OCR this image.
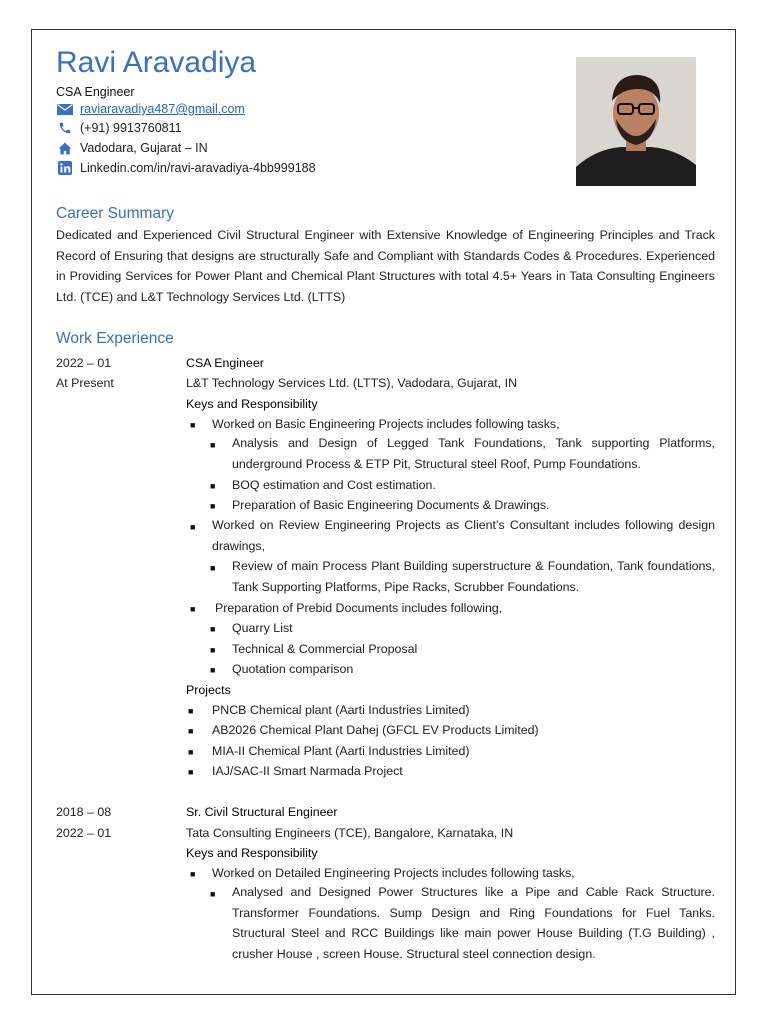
Ravi Aravadiya
CSA Engineer
raviaravadiya487@gmail.com
(+91) 9913760811
Vadodara, Gujarat – IN
Linkedin.com/in/ravi-aravadiya-4bb999188
Career Summary
Dedicated and Experienced Civil Structural Engineer with Extensive Knowledge of Engineering Principles and Track Record of Ensuring that designs are structurally Safe and Compliant with Standards Codes & Procedures. Experienced in Providing Services for Power Plant and Chemical Plant Structures with total 4.5+ Years in Tata Consulting Engineers Ltd. (TCE) and L&T Technology Services Ltd. (LTTS)
Work Experience
2022 – 01
At Present
CSA Engineer
L&T Technology Services Ltd. (LTTS), Vadodara, Gujarat, IN
Keys and Responsibility
■ Worked on Basic Engineering Projects includes following tasks,
■ Analysis and Design of Legged Tank Foundations, Tank supporting Platforms, underground Process & ETP Pit, Structural steel Roof, Pump Foundations.
■ BOQ estimation and Cost estimation.
■ Preparation of Basic Engineering Documents & Drawings.
■ Worked on Review Engineering Projects as Client’s Consultant includes following design drawings,
■ Review of main Process Plant Building superstructure & Foundation, Tank foundations, Tank Supporting Platforms, Pipe Racks, Scrubber Foundations.
■ Preparation of Prebid Documents includes following,
■ Quarry List
■ Technical & Commercial Proposal
■ Quotation comparison
Projects
■ PNCB Chemical plant (Aarti Industries Limited)
■ AB2026 Chemical Plant Dahej (GFCL EV Products Limited)
■ MIA-II Chemical Plant (Aarti Industries Limited)
■ IAJ/SAC-II Smart Narmada Project
2018 – 08
2022 – 01
Sr. Civil Structural Engineer
Tata Consulting Engineers (TCE), Bangalore, Karnataka, IN
Keys and Responsibility
■ Worked on Detailed Engineering Projects includes following tasks,
■ Analysed and Designed Power Structures like a Pipe and Cable Rack Structure. Transformer Foundations. Sump Design and Ring Foundations for Fuel Tanks. Structural Steel and RCC Buildings like main power House Building (T.G Building) , crusher House , screen House. Structural steel connection design.
